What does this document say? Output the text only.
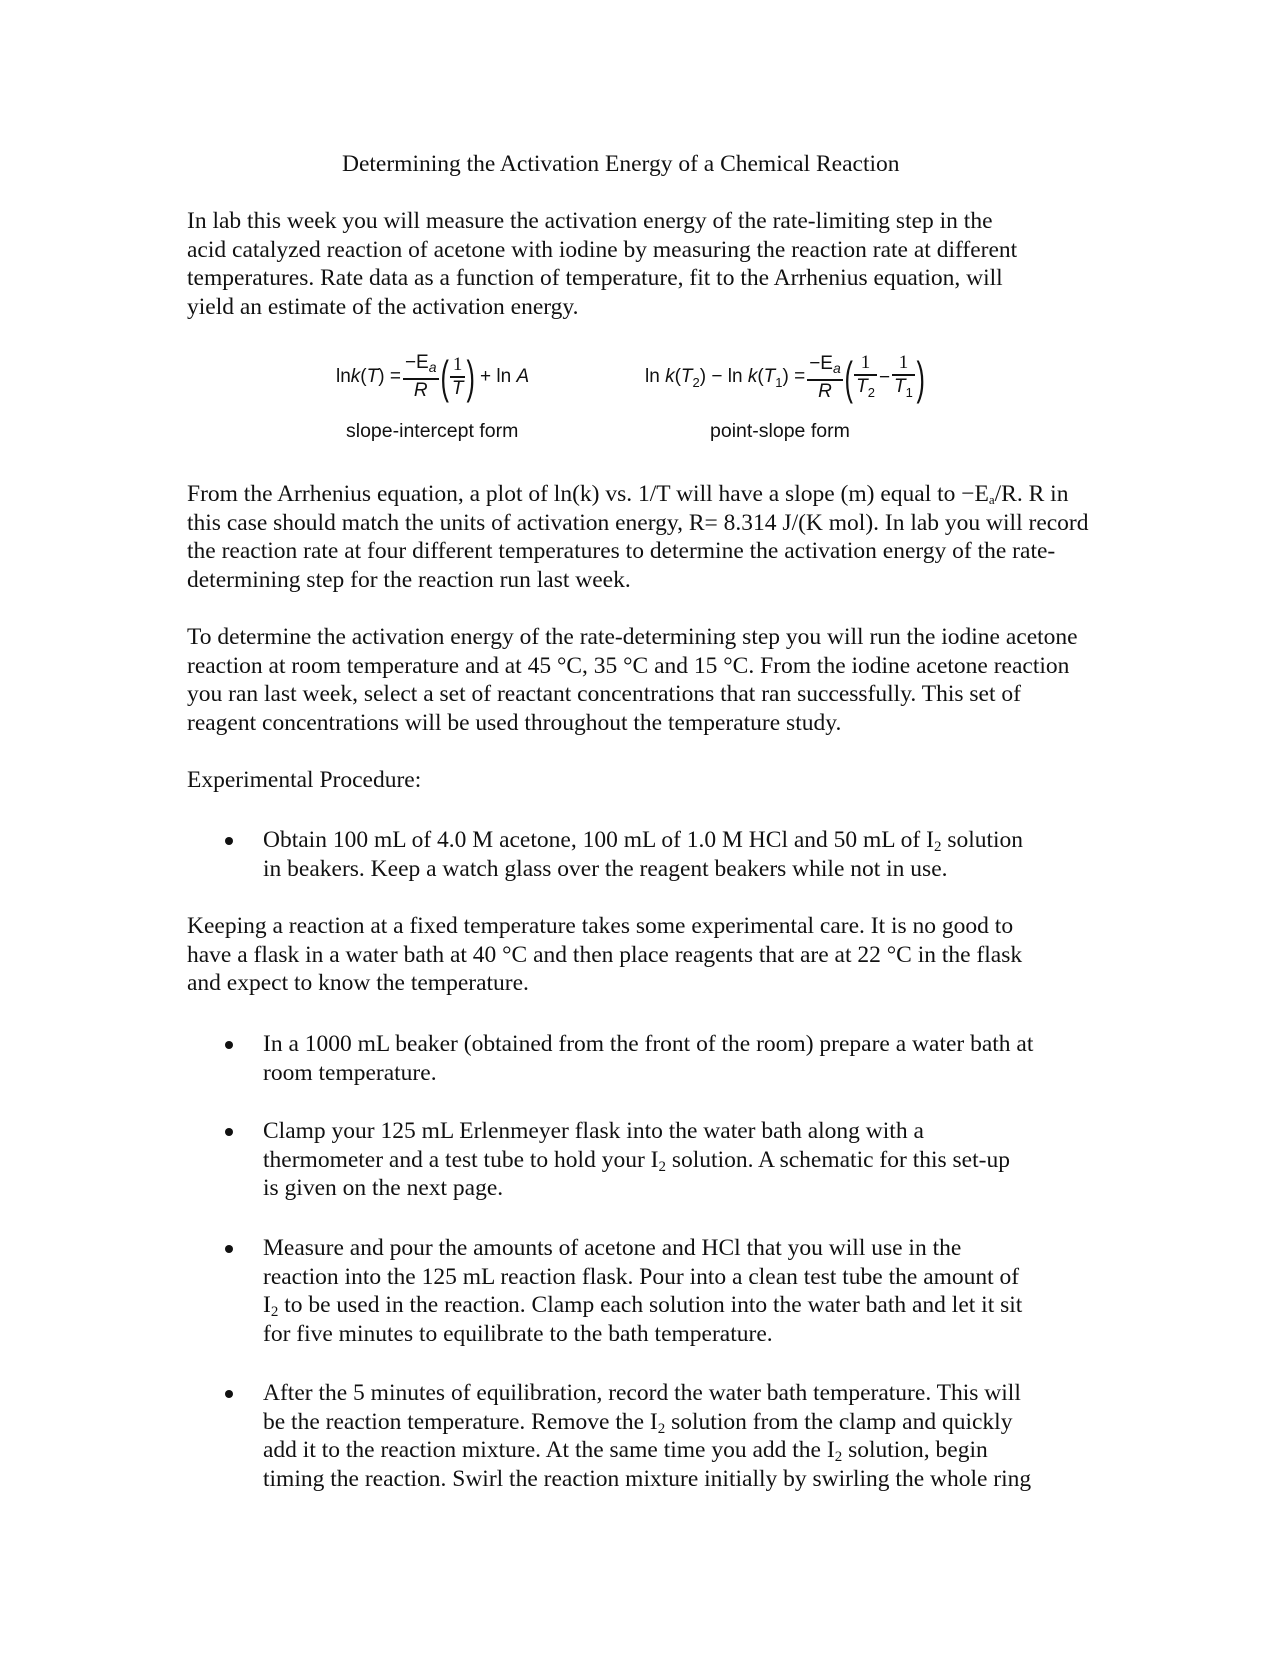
Determining the Activation Energy of a Chemical Reaction
In lab this week you will measure the activation energy of the rate-limiting step in the
acid catalyzed reaction of acetone with iodine by measuring the reaction rate at different
temperatures. Rate data as a function of temperature, fit to the Arrhenius equation, will
yield an estimate of the activation energy.
$\ln k(T) = \frac{-E_a}{R}$ ( $\frac{1}{T}$ ) + ln A
slope-intercept form
$\ln k(T_2) - \ln k(T_1) = \frac{-E_a}{R}$ ( $\frac{1}{T_2} - \frac{1}{T_1}$ )
point-slope form
From the Arrhenius equation, a plot of ln(k) vs. 1/T will have a slope (m) equal to $-E_a/R$. R in
this case should match the units of activation energy, R= 8.314 J/(K mol). In lab you will record
the reaction rate at four different temperatures to determine the activation energy of the rate-
determining step for the reaction run last week.
To determine the activation energy of the rate-determining step you will run the iodine acetone
reaction at room temperature and at 45 °C, 35 °C and 15 °C. From the iodine acetone reaction
you ran last week, select a set of reactant concentrations that ran successfully. This set of
reagent concentrations will be used throughout the temperature study.
Experimental Procedure:
Obtain 100 mL of 4.0 M acetone, 100 mL of 1.0 M HCl and 50 mL of $I_2$ solution
in beakers. Keep a watch glass over the reagent beakers while not in use.
Keeping a reaction at a fixed temperature takes some experimental care. It is no good to
have a flask in a water bath at 40 °C and then place reagents that are at 22 °C in the flask
and expect to know the temperature.
In a 1000 mL beaker (obtained from the front of the room) prepare a water bath at
room temperature.
Clamp your 125 mL Erlenmeyer flask into the water bath along with a
thermometer and a test tube to hold your $I_2$ solution. A schematic for this set-up
is given on the next page.
Measure and pour the amounts of acetone and HCl that you will use in the
reaction into the 125 mL reaction flask. Pour into a clean test tube the amount of
$I_2$ to be used in the reaction. Clamp each solution into the water bath and let it sit
for five minutes to equilibrate to the bath temperature.
After the 5 minutes of equilibration, record the water bath temperature. This will
be the reaction temperature. Remove the $I_2$ solution from the clamp and quickly
add it to the reaction mixture. At the same time you add the $I_2$ solution, begin
timing the reaction. Swirl the reaction mixture initially by swirling the whole ring
